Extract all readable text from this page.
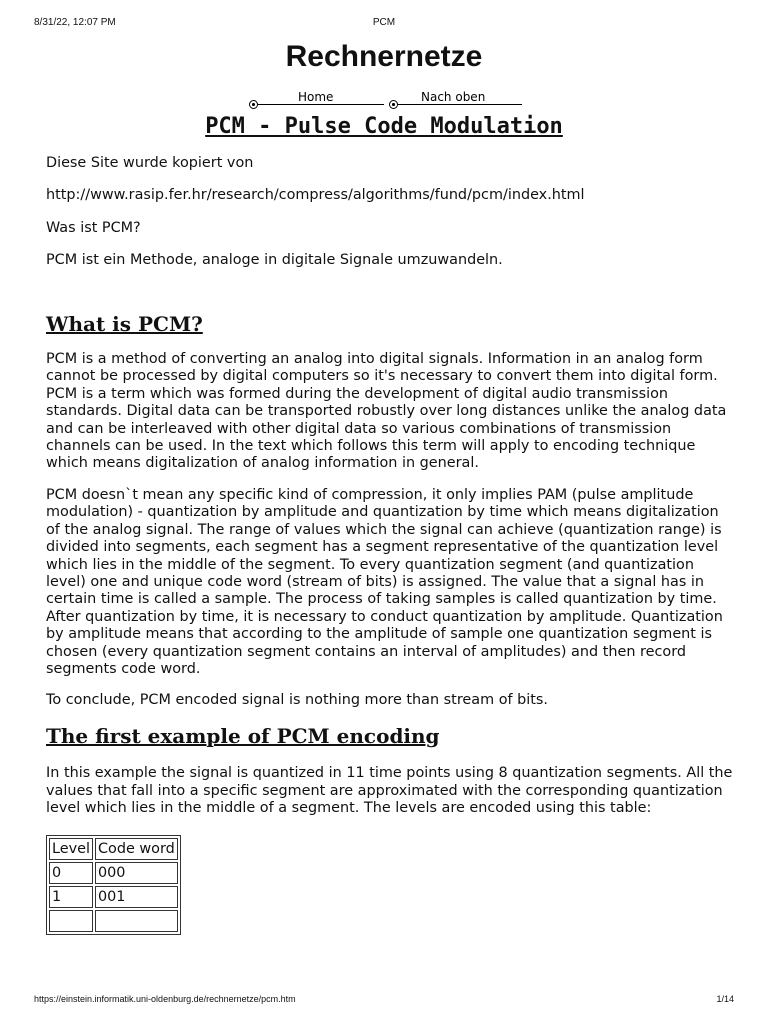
8/31/22, 12:07 PM	PCM
Rechnernetze
Home	Nach oben
PCM - Pulse Code Modulation

Diese Site wurde kopiert von

http://www.rasip.fer.hr/research/compress/algorithms/fund/pcm/index.html

Was ist PCM?

PCM ist ein Methode, analoge in digitale Signale umzuwandeln.

What is PCM?

PCM is a method of converting an analog into digital signals. Information in an analog form cannot be processed by digital computers so it's necessary to convert them into digital form. PCM is a term which was formed during the development of digital audio transmission standards. Digital data can be transported robustly over long distances unlike the analog data and can be interleaved with other digital data so various combinations of transmission channels can be used. In the text which follows this term will apply to encoding technique which means digitalization of analog information in general.

PCM doesn`t mean any specific kind of compression, it only implies PAM (pulse amplitude modulation) - quantization by amplitude and quantization by time which means digitalization of the analog signal. The range of values which the signal can achieve (quantization range) is divided into segments, each segment has a segment representative of the quantization level which lies in the middle of the segment. To every quantization segment (and quantization level) one and unique code word (stream of bits) is assigned. The value that a signal has in certain time is called a sample. The process of taking samples is called quantization by time. After quantization by time, it is necessary to conduct quantization by amplitude. Quantization by amplitude means that according to the amplitude of sample one quantization segment is chosen (every quantization segment contains an interval of amplitudes) and then record segments code word.

To conclude, PCM encoded signal is nothing more than stream of bits.

The first example of PCM encoding

In this example the signal is quantized in 11 time points using 8 quantization segments. All the values that fall into a specific segment are approximated with the corresponding quantization level which lies in the middle of a segment. The levels are encoded using this table:

Level	Code word
0	000
1	001

https://einstein.informatik.uni-oldenburg.de/rechnernetze/pcm.htm	1/14
